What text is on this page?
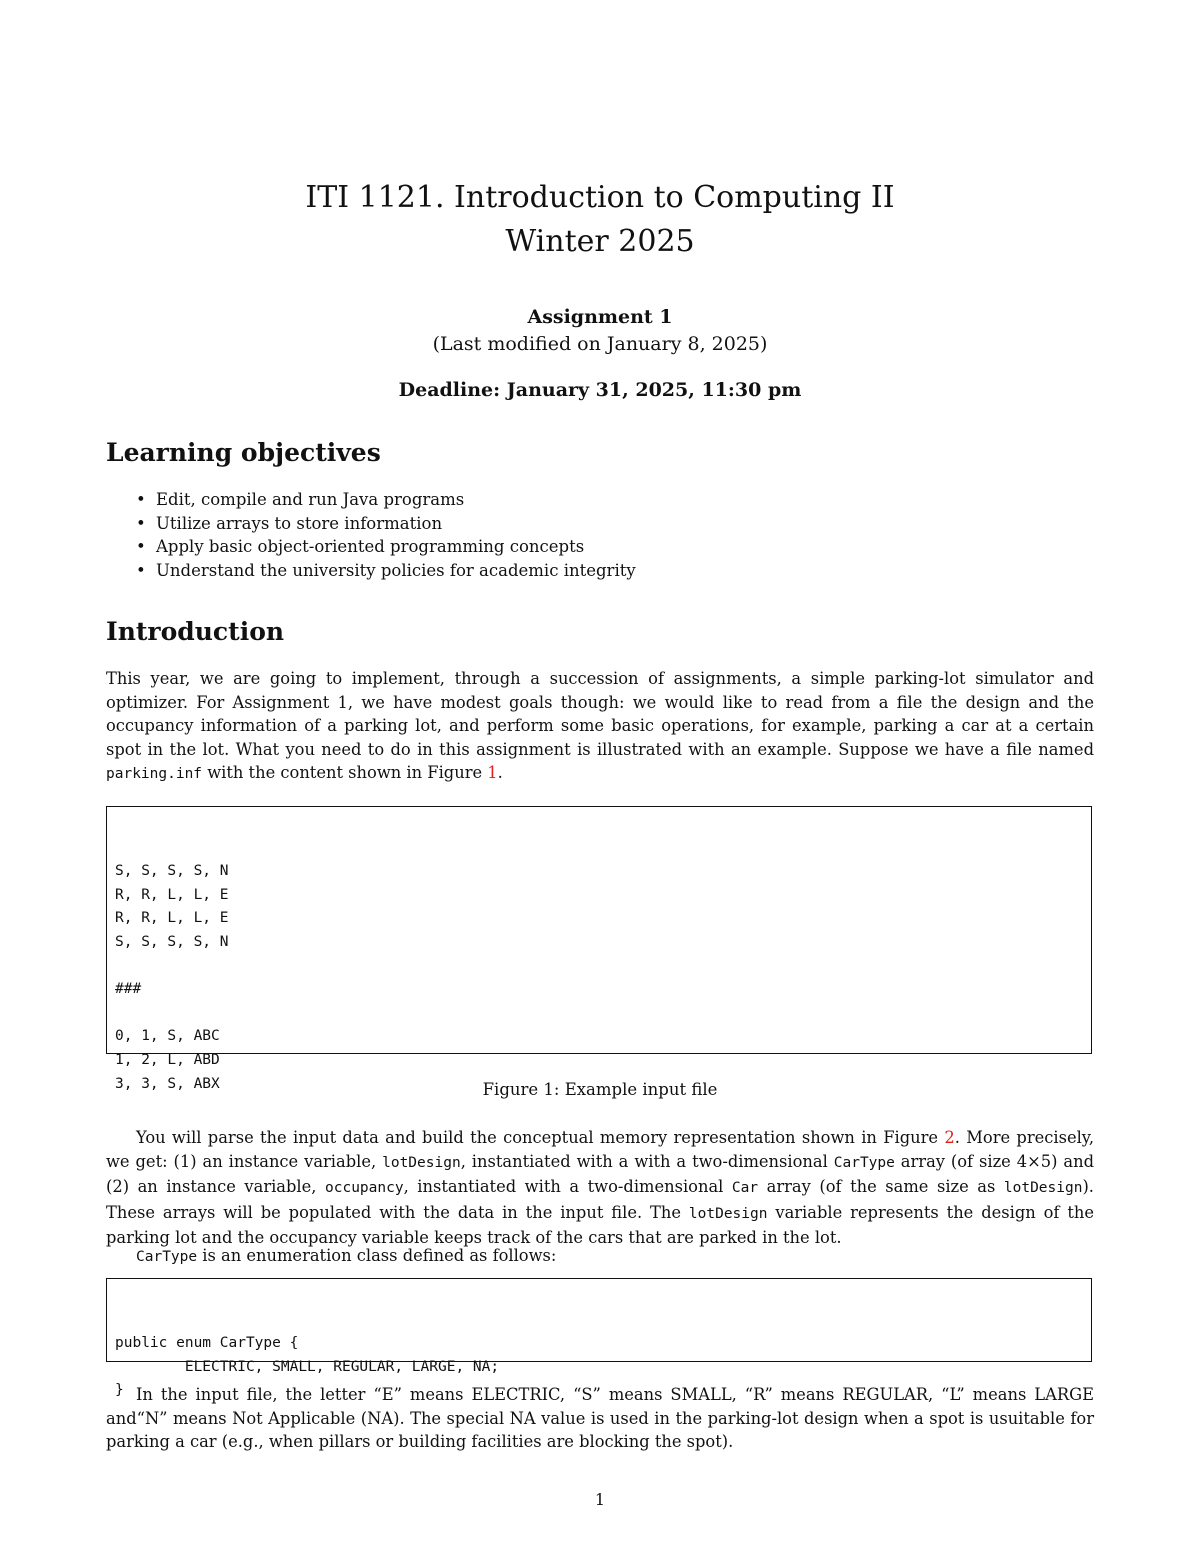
ITI 1121. Introduction to Computing II
Winter 2025
Assignment 1
(Last modified on January 8, 2025)
Deadline: January 31, 2025, 11:30 pm
Learning objectives
• Edit, compile and run Java programs
• Utilize arrays to store information
• Apply basic object-oriented programming concepts
• Understand the university policies for academic integrity
Introduction

This year, we are going to implement, through a succession of assignments, a simple parking-lot simulator and optimizer. For Assignment 1, we have modest goals though: we would like to read from a file the design and the occupancy information of a parking lot, and perform some basic operations, for example, parking a car at a certain spot in the lot. What you need to do in this assignment is illustrated with an example. Suppose we have a file named parking.inf with the content shown in Figure 1.

S, S, S, S, N
R, R, L, L, E
R, R, L, L, E
S, S, S, S, N
###
0, 1, S, ABC
1, 2, L, ABD
3, 3, S, ABX

	Figure 1: Example input file

You will parse the input data and build the conceptual memory representation shown in Figure 2. More precisely, we get: (1) an instance variable, lotDesign, instantiated with a with a two-dimensional CarType array (of size 4×5) and (2) an instance variable, occupancy, instantiated with a two-dimensional Car array (of the same size as lotDesign). These arrays will be populated with the data in the input file. The lotDesign variable represents the design of the parking lot and the occupancy variable keeps track of the cars that are parked in the lot.

CarType is an enumeration class defined as follows:

public enum CarType {
ELECTRIC, SMALL, REGULAR, LARGE, NA;
}

In the input file, the letter “E” means ELECTRIC, “S” means SMALL, “R” means REGULAR, “L” means LARGE and“N” means Not Applicable (NA). The special NA value is used in the parking-lot design when a spot is usuitable for parking a car (e.g., when pillars or building facilities are blocking the spot).

1
